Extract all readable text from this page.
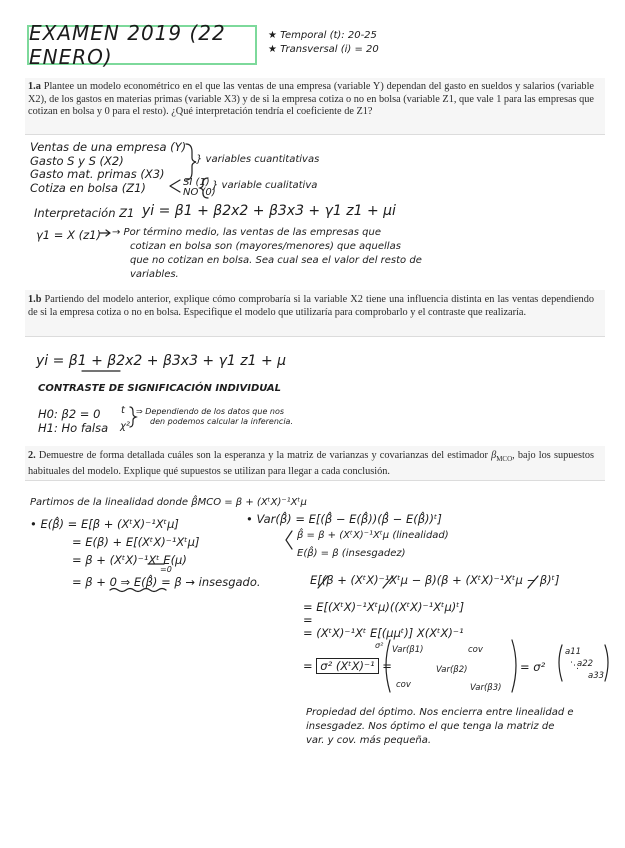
EXAMEN 2019 (22 ENERO)
★ Temporal (t): 20-25
★ Transversal (i) = 20
1.a Plantee un modelo econométrico en el que las ventas de una empresa (variable Y) dependan del gasto en sueldos y salarios (variable X2), de los gastos en materias primas (variable X3) y de si la empresa cotiza o no en bolsa (variable Z1, que vale 1 para las empresas que cotizan en bolsa y 0 para el resto). ¿Qué interpretación tendría el coeficiente de Z1?
Ventas de una empresa (Y)
Gasto S y S (X2)
Gasto mat. primas (X3)
Cotiza en bolsa (Z1)	SI (1)
NO (0)
} variables cuantitativas
} variable cualitativa
Interpretación Z1 yi = β1 + β2x2 + β3x3 + γ1 z1 + μi
γ1 = X (z1) → Por término medio, las ventas de las empresas que
cotizan en bolsa son (mayores/menores) que aquellas
que no cotizan en bolsa. Sea cual sea el valor del resto de
variables.
1.b Partiendo del modelo anterior, explique cómo comprobaría si la variable X2 tiene una influencia distinta en las ventas dependiendo de si la empresa cotiza o no en bolsa. Especifique el modelo que utilizaría para comprobarlo y el contraste que realizaría.
yi = β1 + β2x2 + β3x3 + γ1 z1 + μ
CONTRASTE DE SIGNIFICACIÓN INDIVIDUAL
H0: β2 = 0
H1: Ho falsa
t
χ²
⇒ Dependiendo de los datos que nos
den podemos calcular la inferencia.
2. Demuestre de forma detallada cuáles son la esperanza y la matriz de varianzas y covarianzas del estimador $\beta_{MCO}$, bajo los supuestos habituales del modelo. Explique qué supuestos se utilizan para llegar a cada conclusión.
Partimos de la linealidad donde β̂MCO = β + (XᵗX)⁻¹Xᵗμ
• E(β̂) = E[β + (XᵗX)⁻¹Xᵗμ]
= E(β) + E[(XᵗX)⁻¹Xᵗμ]
= β + (XᵗX)⁻¹Xᵗ E(μ)
=0
= β + 0 ⇒ E(β̂) = β → insesgado.
• Var(β̂) = E[(β̂ − E(β̂))(β̂ − E(β̂))ᵗ]
β̂ = β + (XᵗX)⁻¹Xᵗμ (linealidad)
E(β̂) = β (insesgadez)
E[(β + (XᵗX)⁻¹Xᵗμ − β)(β + (XᵗX)⁻¹Xᵗμ − β)ᵗ]
= E[(XᵗX)⁻¹Xᵗμ)((XᵗX)⁻¹Xᵗμ)ᵗ]
=
= (XᵗX)⁻¹Xᵗ E[(μμᵗ)] X(XᵗX)⁻¹
σ²
= σ² (XᵗX)⁻¹ =
Var(β1)
Var(β2)
Var(β3)
cov
cov
= σ²
a11
a22
a33
⋱
Propiedad del óptimo. Nos encierra entre linealidad e
insesgadez. Nos óptimo el que tenga la matriz de
var. y cov. más pequeña.
